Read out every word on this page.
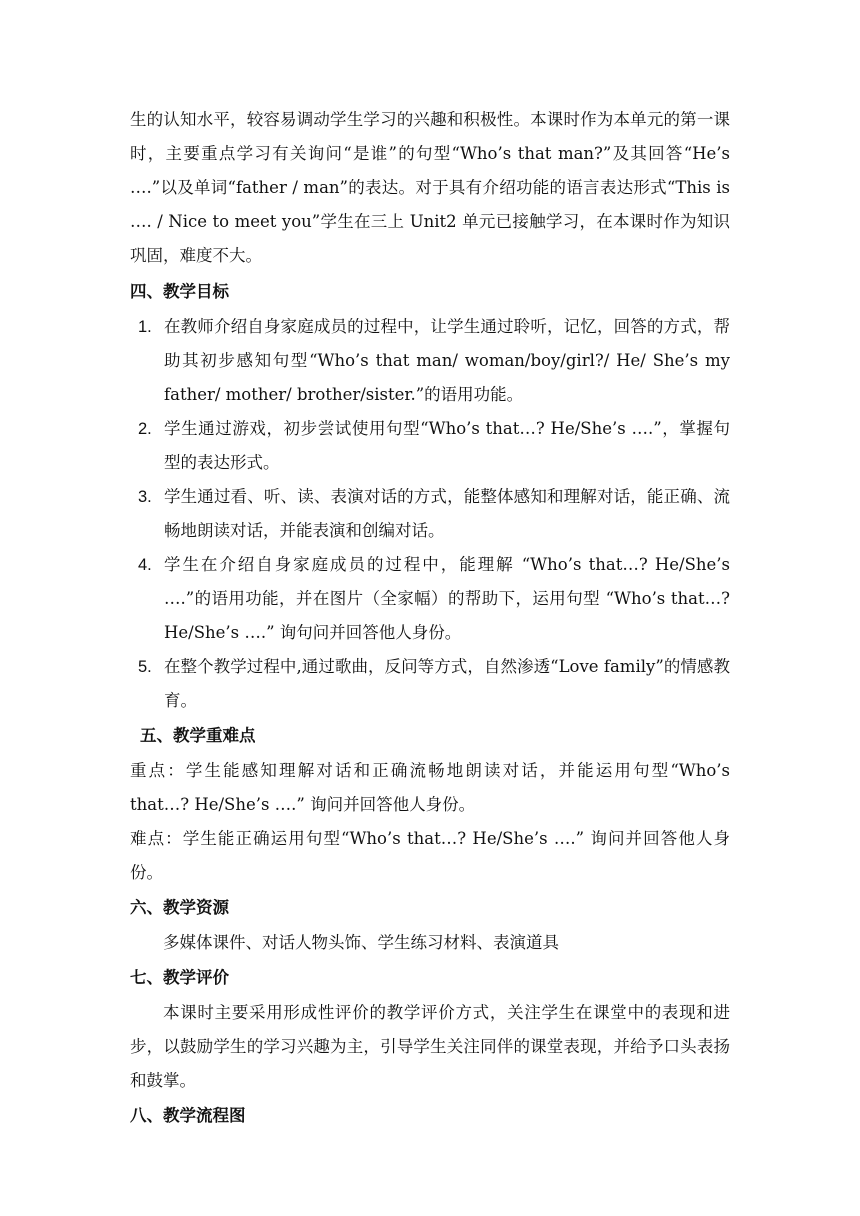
生的认知水平，较容易调动学生学习的兴趣和积极性。本课时作为本单元的第一课时，主要重点学习有关询问“是谁”的句型“Who’s that man?”及其回答“He’s ….”以及单词“father / man”的表达。对于具有介绍功能的语言表达形式“This is …. / Nice to meet you”学生在三上 Unit2 单元已接触学习，在本课时作为知识巩固，难度不大。

四、教学目标

1. 在教师介绍自身家庭成员的过程中，让学生通过聆听，记忆，回答的方式，帮助其初步感知句型“Who’s that man/ woman/boy/girl?/ He/ She’s my father/ mother/ brother/sister.”的语用功能。
2. 学生通过游戏，初步尝试使用句型“Who’s that…? He/She’s ….”，掌握句型的表达形式。
3. 学生通过看、听、读、表演对话的方式，能整体感知和理解对话，能正确、流畅地朗读对话，并能表演和创编对话。
4. 学生在介绍自身家庭成员的过程中，能理解 “Who’s that…? He/She’s ….”的语用功能，并在图片（全家幅）的帮助下，运用句型 “Who’s that…? He/She’s ….” 询句问并回答他人身份。
5. 在整个教学过程中,通过歌曲，反问等方式，自然渗透“Love family”的情感教育。

五、教学重难点

重点：学生能感知理解对话和正确流畅地朗读对话，并能运用句型“Who’s that…? He/She’s ….” 询问并回答他人身份。

难点：学生能正确运用句型“Who’s that…? He/She’s ….” 询问并回答他人身份。

六、教学资源

多媒体课件、对话人物头饰、学生练习材料、表演道具

七、教学评价

本课时主要采用形成性评价的教学评价方式，关注学生在课堂中的表现和进步，以鼓励学生的学习兴趣为主，引导学生关注同伴的课堂表现，并给予口头表扬和鼓掌。

八、教学流程图
